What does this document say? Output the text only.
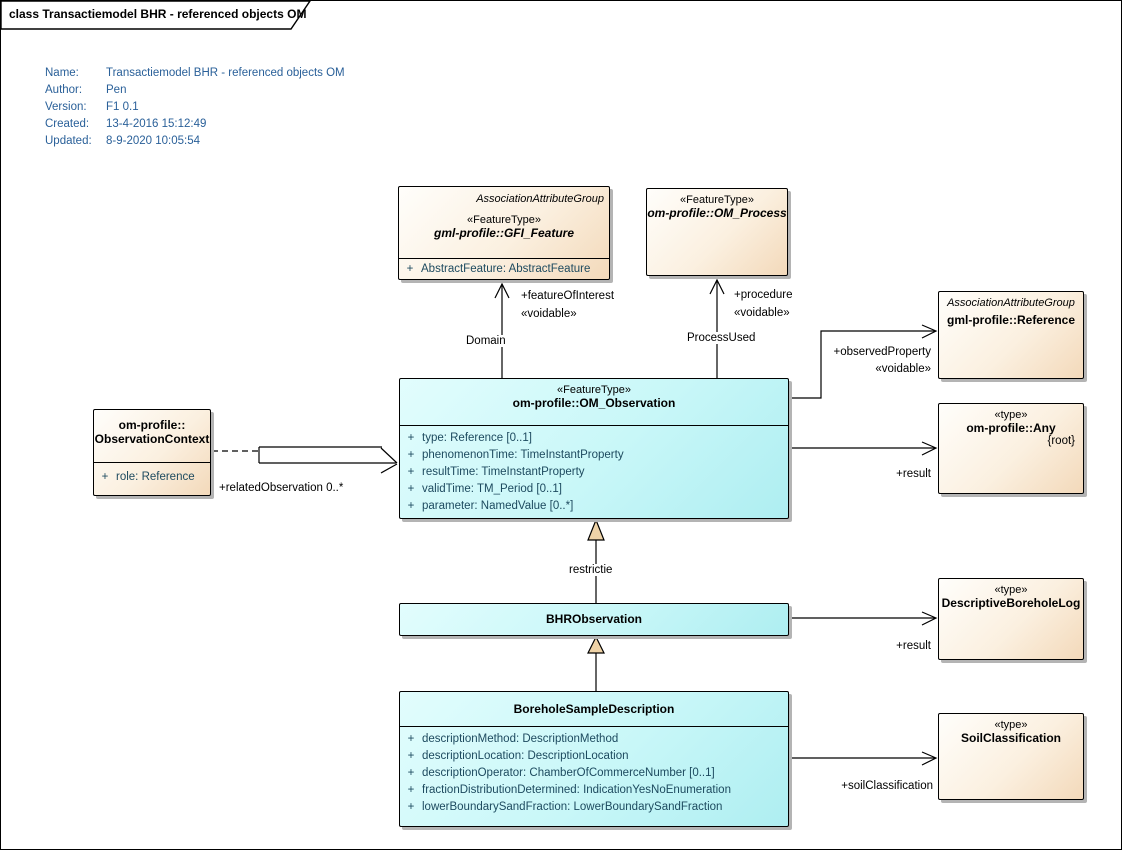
class Transactiemodel BHR - referenced objects OM
Name:	Transactiemodel BHR - referenced objects OM
Author:	Pen
Version:	F1 0.1
Created:	13-4-2016 15:12:49
Updated:	8-9-2020 10:05:54
AssociationAttributeGroup
«FeatureType»
gml-profile::GFI_Feature
+ AbstractFeature: AbstractFeature
«FeatureType»
om-profile::OM_Process
AssociationAttributeGroup
gml-profile::Reference
«FeatureType»
om-profile::OM_Observation
+ type: Reference [0..1]
+ phenomenonTime: TimeInstantProperty
+ resultTime: TimeInstantProperty
+ validTime: TM_Period [0..1]
+ parameter: NamedValue [0..*]
om-profile::
ObservationContext
+ role: Reference
«type»
om-profile::Any
{root}
BHRObservation
«type»
DescriptiveBoreholeLog
BoreholeSampleDescription
+ descriptionMethod: DescriptionMethod
+ descriptionLocation: DescriptionLocation
+ descriptionOperator: ChamberOfCommerceNumber [0..1]
+ fractionDistributionDetermined: IndicationYesNoEnumeration
+ lowerBoundarySandFraction: LowerBoundarySandFraction
«type»
SoilClassification
+featureOfInterest
«voidable»
Domain
+procedure
«voidable»
ProcessUsed
+observedProperty
«voidable»
+result
+relatedObservation 0..*
restrictie
+result
+soilClassification
